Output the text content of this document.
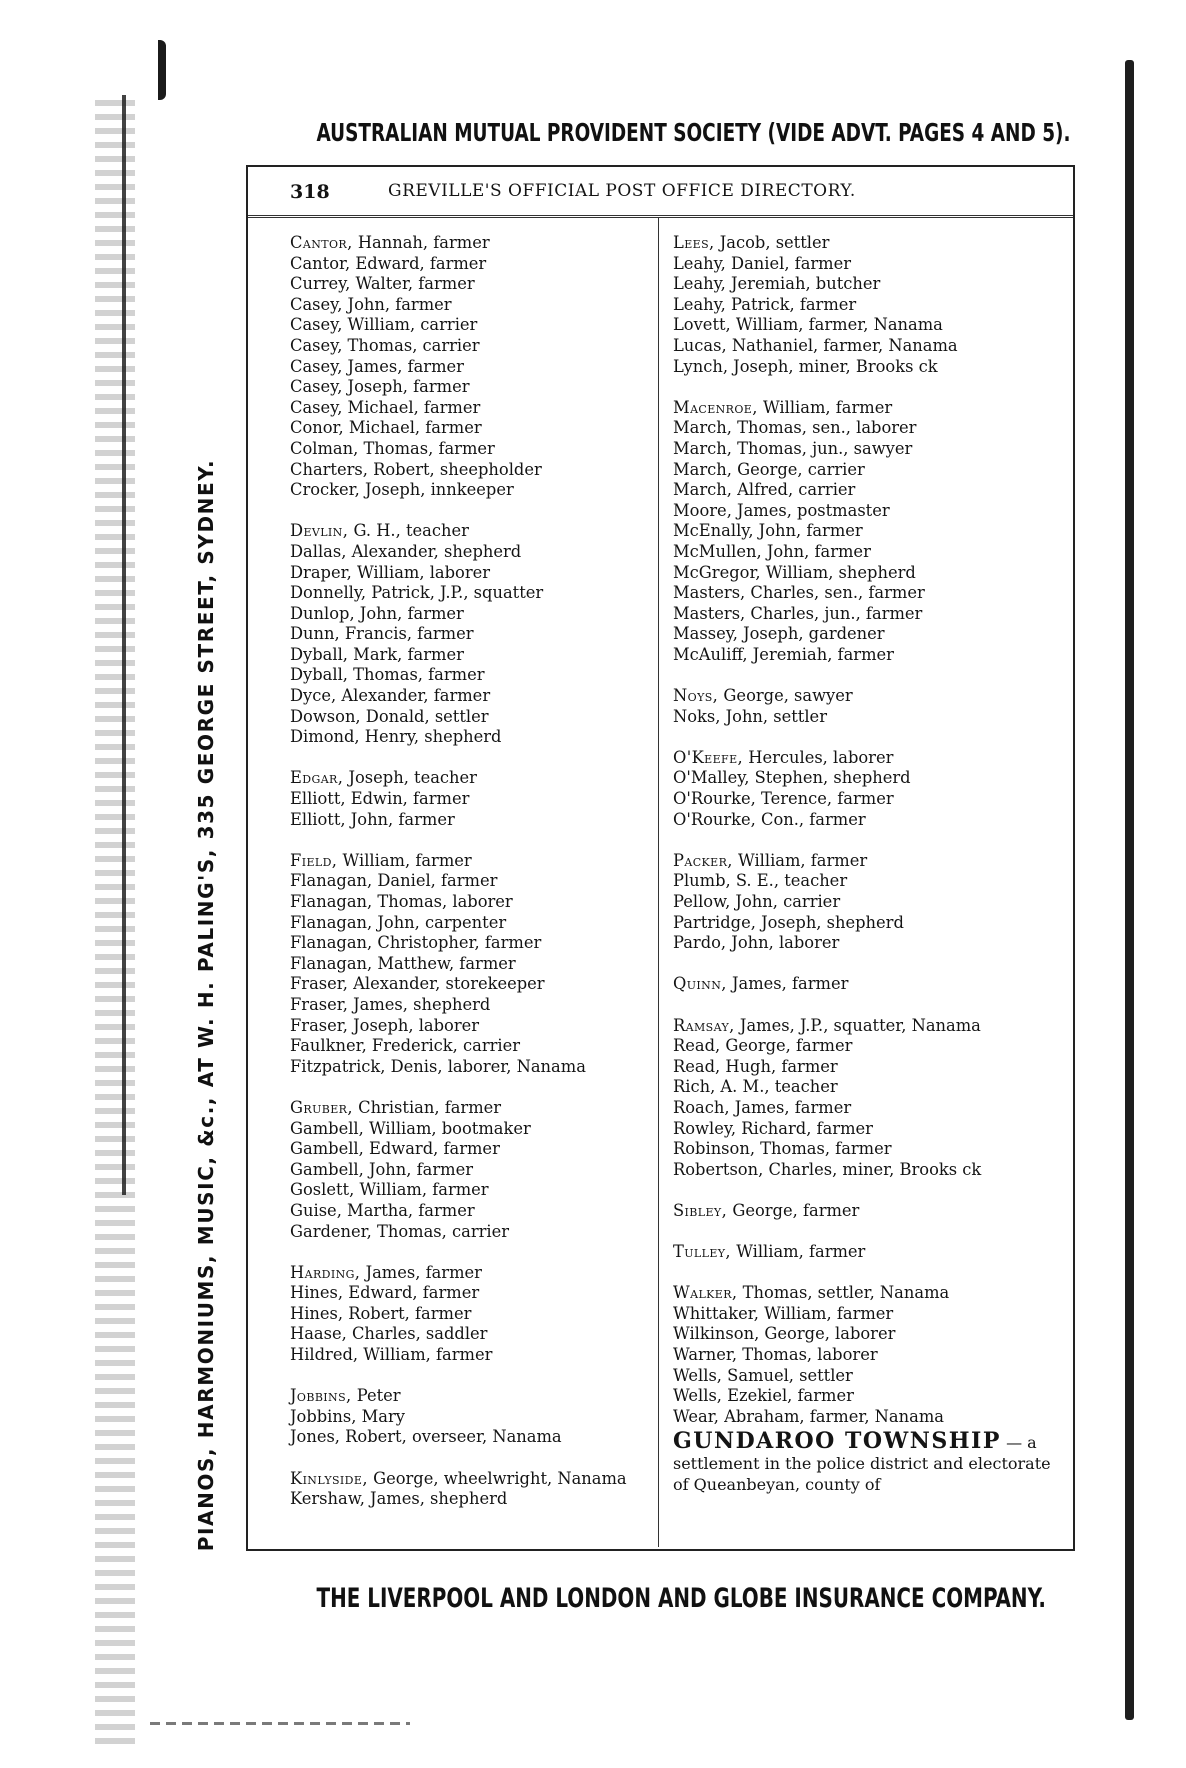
AUSTRALIAN MUTUAL PROVIDENT SOCIETY (VIDE ADVT. PAGES 4 AND 5).
PIANOS, HARMONIUMS, MUSIC, &c., AT W. H. PALING'S, 335 GEORGE STREET, SYDNEY.
318	GREVILLE'S OFFICIAL POST OFFICE DIRECTORY.
Cantor, Hannah, farmer
Cantor, Edward, farmer
Currey, Walter, farmer
Casey, John, farmer
Casey, William, carrier
Casey, Thomas, carrier
Casey, James, farmer
Casey, Joseph, farmer
Casey, Michael, farmer
Conor, Michael, farmer
Colman, Thomas, farmer
Charters, Robert, sheepholder
Crocker, Joseph, innkeeper
Devlin, G. H., teacher
Dallas, Alexander, shepherd
Draper, William, laborer
Donnelly, Patrick, J.P., squatter
Dunlop, John, farmer
Dunn, Francis, farmer
Dyball, Mark, farmer
Dyball, Thomas, farmer
Dyce, Alexander, farmer
Dowson, Donald, settler
Dimond, Henry, shepherd
Edgar, Joseph, teacher
Elliott, Edwin, farmer
Elliott, John, farmer
Field, William, farmer
Flanagan, Daniel, farmer
Flanagan, Thomas, laborer
Flanagan, John, carpenter
Flanagan, Christopher, farmer
Flanagan, Matthew, farmer
Fraser, Alexander, storekeeper
Fraser, James, shepherd
Fraser, Joseph, laborer
Faulkner, Frederick, carrier
Fitzpatrick, Denis, laborer, Nanama
Gruber, Christian, farmer
Gambell, William, bootmaker
Gambell, Edward, farmer
Gambell, John, farmer
Goslett, William, farmer
Guise, Martha, farmer
Gardener, Thomas, carrier
Harding, James, farmer
Hines, Edward, farmer
Hines, Robert, farmer
Haase, Charles, saddler
Hildred, William, farmer
Jobbins, Peter
Jobbins, Mary
Jones, Robert, overseer, Nanama
Kinlyside, George, wheelwright, Nanama
Kershaw, James, shepherd
Lees, Jacob, settler
Leahy, Daniel, farmer
Leahy, Jeremiah, butcher
Leahy, Patrick, farmer
Lovett, William, farmer, Nanama
Lucas, Nathaniel, farmer, Nanama
Lynch, Joseph, miner, Brooks ck
Macenroe, William, farmer
March, Thomas, sen., laborer
March, Thomas, jun., sawyer
March, George, carrier
March, Alfred, carrier
Moore, James, postmaster
McEnally, John, farmer
McMullen, John, farmer
McGregor, William, shepherd
Masters, Charles, sen., farmer
Masters, Charles, jun., farmer
Massey, Joseph, gardener
McAuliff, Jeremiah, farmer
Noys, George, sawyer
Noks, John, settler
O'Keefe, Hercules, laborer
O'Malley, Stephen, shepherd
O'Rourke, Terence, farmer
O'Rourke, Con., farmer
Packer, William, farmer
Plumb, S. E., teacher
Pellow, John, carrier
Partridge, Joseph, shepherd
Pardo, John, laborer
Quinn, James, farmer
Ramsay, James, J.P., squatter, Nanama
Read, George, farmer
Read, Hugh, farmer
Rich, A. M., teacher
Roach, James, farmer
Rowley, Richard, farmer
Robinson, Thomas, farmer
Robertson, Charles, miner, Brooks ck
Sibley, George, farmer
Tulley, William, farmer
Walker, Thomas, settler, Nanama
Whittaker, William, farmer
Wilkinson, George, laborer
Warner, Thomas, laborer
Wells, Samuel, settler
Wells, Ezekiel, farmer
Wear, Abraham, farmer, Nanama
GUNDAROO TOWNSHIP — a settlement in the police district and electorate of Queanbeyan, county of
THE LIVERPOOL AND LONDON AND GLOBE INSURANCE COMPANY.
